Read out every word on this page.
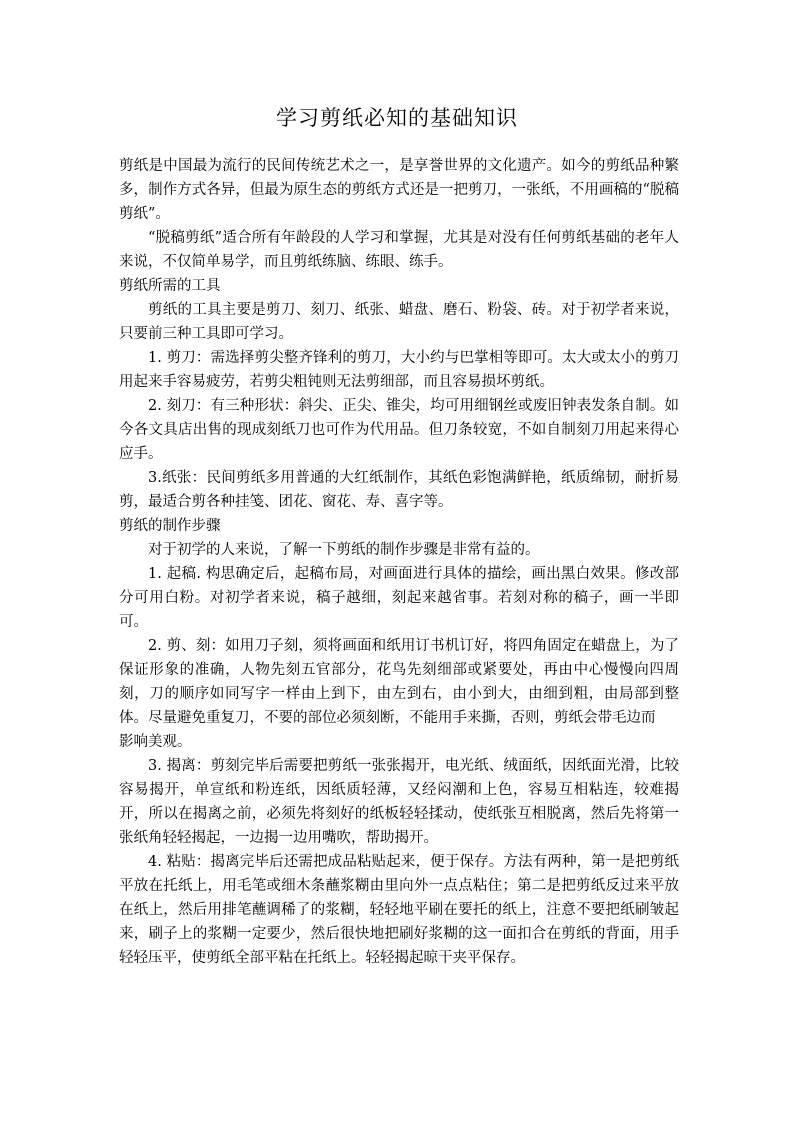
学习剪纸必知的基础知识

剪纸是中国最为流行的民间传统艺术之一，是享誉世界的文化遗产。如今的剪纸品种繁多，制作方式各异，但最为原生态的剪纸方式还是一把剪刀，一张纸，不用画稿的“脱稿剪纸”。

“脱稿剪纸”适合所有年龄段的人学习和掌握，尤其是对没有任何剪纸基础的老年人来说，不仅简单易学，而且剪纸练脑、练眼、练手。

剪纸所需的工具

剪纸的工具主要是剪刀、刻刀、纸张、蜡盘、磨石、粉袋、砖。对于初学者来说，只要前三种工具即可学习。

1. 剪刀：需选择剪尖整齐锋利的剪刀，大小约与巴掌相等即可。太大或太小的剪刀用起来手容易疲劳，若剪尖粗钝则无法剪细部，而且容易损坏剪纸。

2. 刻刀：有三种形状：斜尖、正尖、锥尖，均可用细钢丝或废旧钟表发条自制。如今各文具店出售的现成刻纸刀也可作为代用品。但刀条较宽，不如自制刻刀用起来得心应手。

3.纸张：民间剪纸多用普通的大红纸制作，其纸色彩饱满鲜艳，纸质绵韧，耐折易剪，最适合剪各种挂笺、团花、窗花、寿、喜字等。

剪纸的制作步骤

对于初学的人来说，了解一下剪纸的制作步骤是非常有益的。

1. 起稿. 构思确定后，起稿布局，对画面进行具体的描绘，画出黑白效果。修改部分可用白粉。对初学者来说，稿子越细，刻起来越省事。若刻对称的稿子，画一半即可。

2. 剪、刻：如用刀子刻，须将画面和纸用订书机订好，将四角固定在蜡盘上，为了保证形象的准确，人物先刻五官部分，花鸟先刻细部或紧要处，再由中心慢慢向四周刻，刀的顺序如同写字一样由上到下，由左到右，由小到大，由细到粗，由局部到整体。尽量避免重复刀，不要的部位必须刻断，不能用手来撕，否则，剪纸会带毛边而

影响美观。

3. 揭离：剪刻完毕后需要把剪纸一张张揭开，电光纸、绒面纸，因纸面光滑，比较容易揭开，单宣纸和粉连纸，因纸质轻薄，又经闷潮和上色，容易互相粘连，较难揭开，所以在揭离之前，必须先将刻好的纸板轻轻揉动，使纸张互相脱离，然后先将第一张纸角轻轻揭起，一边揭一边用嘴吹，帮助揭开。

4. 粘贴：揭离完毕后还需把成品粘贴起来，便于保存。方法有两种，第一是把剪纸平放在托纸上，用毛笔或细木条蘸浆糊由里向外一点点粘住；第二是把剪纸反过来平放在纸上，然后用排笔蘸调稀了的浆糊，轻轻地平刷在要托的纸上，注意不要把纸刷皱起来，刷子上的浆糊一定要少，然后很快地把刷好浆糊的这一面扣合在剪纸的背面，用手轻轻压平，使剪纸全部平粘在托纸上。轻轻揭起晾干夹平保存。
